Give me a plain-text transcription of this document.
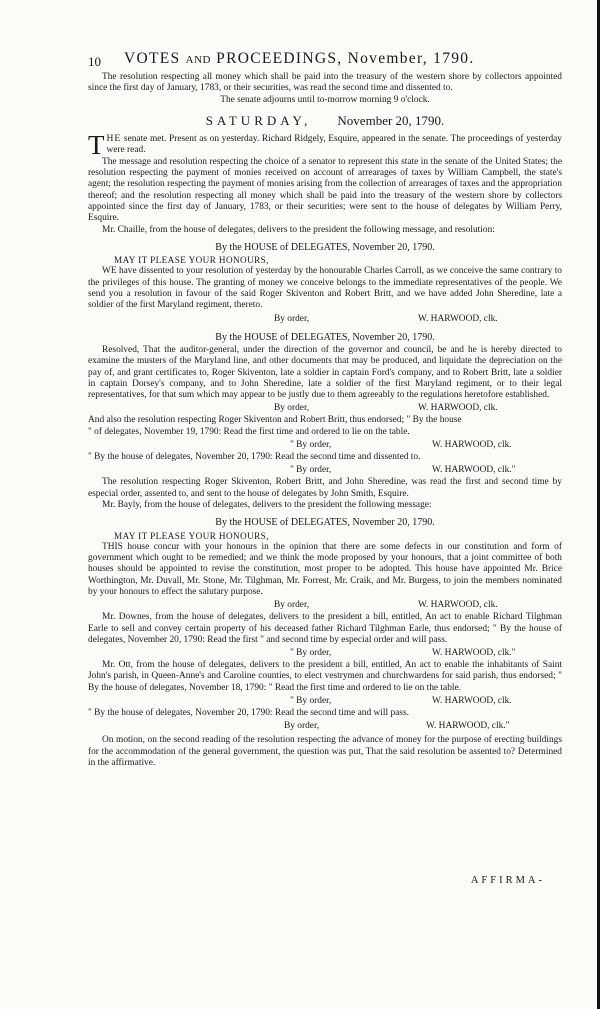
10 VOTES AND PROCEEDINGS, November, 1790.

The resolution respecting all money which shall be paid into the treasury of the western shore by collectors appointed since the first day of January, 1783, or their securities, was read the second time and dissented to.

The senate adjourns until to-morrow morning 9 o'clock.

SATURDAY, November 20, 1790.

THE senate met. Present as on yesterday. Richard Ridgely, Esquire, appeared in the senate. The proceedings of yesterday were read.

The message and resolution respecting the choice of a senator to represent this state in the senate of the United States; the resolution respecting the payment of monies received on account of arrearages of taxes by William Campbell, the state's agent; the resolution respecting the payment of monies arising from the collection of arrearages of taxes and the appropriation thereof; and the resolution respecting all money which shall be paid into the treasury of the western shore by collectors appointed since the first day of January, 1783, or their securities; were sent to the house of delegates by William Perry, Esquire.

Mr. Chaille, from the house of delegates, delivers to the president the following message, and resolution:

By the HOUSE of DELEGATES, November 20, 1790.

MAY IT PLEASE YOUR HONOURS,

WE have dissented to your resolution of yesterday by the honourable Charles Carroll, as we conceive the same contrary to the privileges of this house. The granting of money we conceive belongs to the immediate representatives of the people. We send you a resolution in favour of the said Roger Skiventon and Robert Britt, and we have added John Sheredine, late a soldier of the first Maryland regiment, thereto.

By order,	W. HARWOOD, clk.

By the HOUSE of DELEGATES, November 20, 1790.

Resolved, That the auditor-general, under the direction of the governor and council, be and he is hereby directed to examine the musters of the Maryland line, and other documents that may be produced, and liquidate the depreciation on the pay of, and grant certificates to, Roger Skiventon, late a soldier in captain Ford's company, and to Robert Britt, late a soldier in captain Dorsey's company, and to John Sheredine, late a soldier of the first Maryland regiment, or to their legal representatives, for that sum which may appear to be justly due to them agreeably to the regulations heretofore established.

By order,	W. HARWOOD, clk.

And also the resolution respecting Roger Skiventon and Robert Britt, thus endorsed; " By the house

" of delegates, November 19, 1790: Read the first time and ordered to lie on the table.

" By order,	W. HARWOOD, clk.

" By the house of delegates, November 20, 1790: Read the second time and dissented to.

" By order,	W. HARWOOD, clk."

The resolution respecting Roger Skiventon, Robert Britt, and John Sheredine, was read the first and second time by especial order, assented to, and sent to the house of delegates by John Smith, Esquire.

Mr. Bayly, from the house of delegates, delivers to the president the following message:

By the HOUSE of DELEGATES, November 20, 1790.

MAY IT PLEASE YOUR HONOURS,

THIS house concur with your honours in the opinion that there are some defects in our constitution and form of government which ought to be remedied; and we think the mode proposed by your honours, that a joint committee of both houses should be appointed to revise the constitution, most proper to be adopted. This house have appointed Mr. Brice Worthington, Mr. Duvall, Mr. Stone, Mr. Tilghman, Mr. Forrest, Mr. Craik, and Mr. Burgess, to join the members nominated by your honours to effect the salutary purpose.

By order,	W. HARWOOD, clk.

Mr. Downes, from the house of delegates, delivers to the president a bill, entitled, An act to enable Richard Tilghman Earle to sell and convey certain property of his deceased father Richard Tilghman Earle, thus endorsed; " By the house of delegates, November 20, 1790: Read the first " and second time by especial order and will pass.

" By order,	W. HARWOOD, clk."

Mr. Ott, from the house of delegates, delivers to the president a bill, entitled, An act to enable the inhabitants of Saint John's parish, in Queen-Anne's and Caroline counties, to elect vestrymen and churchwardens for said parish, thus endorsed; " By the house of delegates, November 18, 1790: " Read the first time and ordered to lie on the table.

" By order,	W. HARWOOD, clk.

" By the house of delegates, November 20, 1790: Read the second time and will pass.

By order,	W. HARWOOD, clk."

On motion, on the second reading of the resolution respecting the advance of money for the purpose of erecting buildings for the accommodation of the general government, the question was put, That the said resolution be assented to? Determined in the affirmative.

AFFIRMA-
